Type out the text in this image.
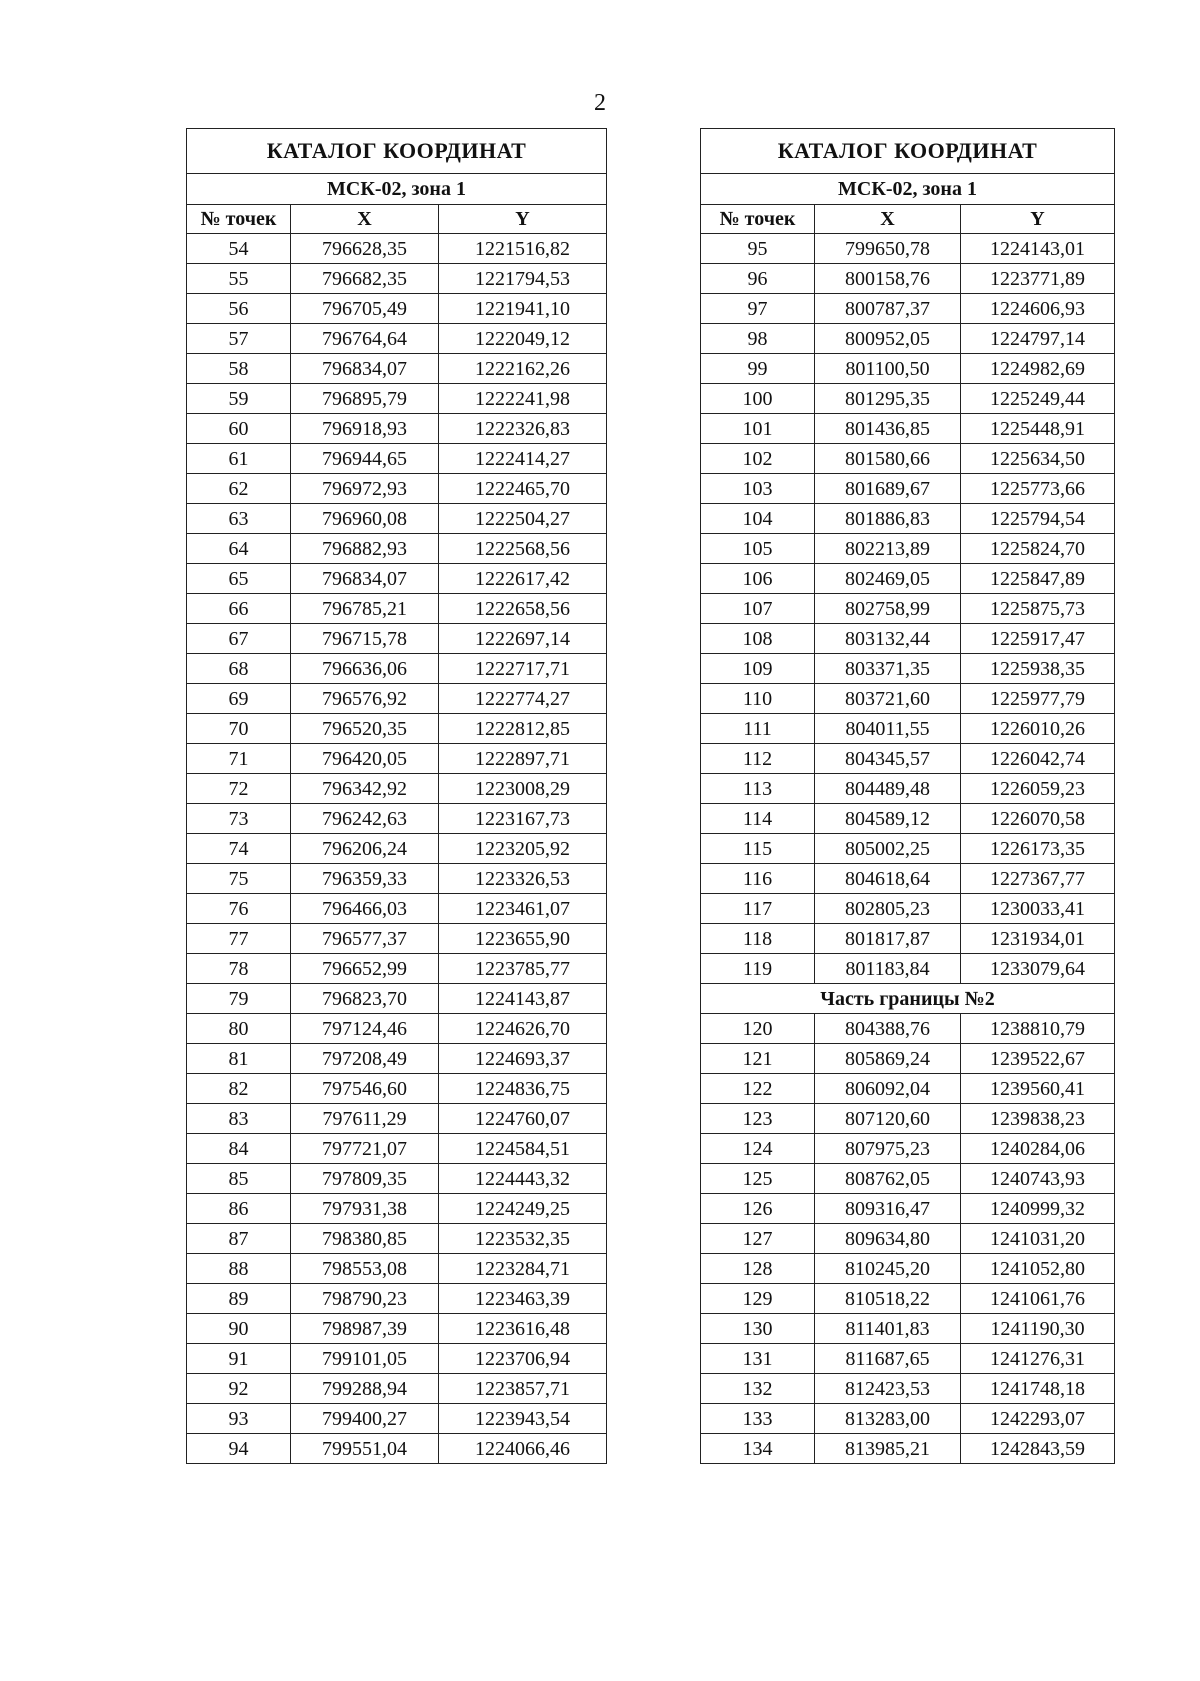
2
КАТАЛОГ КООРДИНАТ		
МСК-02, зона 1		
№ точек	X	Y
54	796628,35	1221516,82
55	796682,35	1221794,53
56	796705,49	1221941,10
57	796764,64	1222049,12
58	796834,07	1222162,26
59	796895,79	1222241,98
60	796918,93	1222326,83
61	796944,65	1222414,27
62	796972,93	1222465,70
63	796960,08	1222504,27
64	796882,93	1222568,56
65	796834,07	1222617,42
66	796785,21	1222658,56
67	796715,78	1222697,14
68	796636,06	1222717,71
69	796576,92	1222774,27
70	796520,35	1222812,85
71	796420,05	1222897,71
72	796342,92	1223008,29
73	796242,63	1223167,73
74	796206,24	1223205,92
75	796359,33	1223326,53
76	796466,03	1223461,07
77	796577,37	1223655,90
78	796652,99	1223785,77
79	796823,70	1224143,87
80	797124,46	1224626,70
81	797208,49	1224693,37
82	797546,60	1224836,75
83	797611,29	1224760,07
84	797721,07	1224584,51
85	797809,35	1224443,32
86	797931,38	1224249,25
87	798380,85	1223532,35
88	798553,08	1223284,71
89	798790,23	1223463,39
90	798987,39	1223616,48
91	799101,05	1223706,94
92	799288,94	1223857,71
93	799400,27	1223943,54
94	799551,04	1224066,46
КАТАЛОГ КООРДИНАТ		
МСК-02, зона 1		
№ точек	X	Y
95	799650,78	1224143,01
96	800158,76	1223771,89
97	800787,37	1224606,93
98	800952,05	1224797,14
99	801100,50	1224982,69
100	801295,35	1225249,44
101	801436,85	1225448,91
102	801580,66	1225634,50
103	801689,67	1225773,66
104	801886,83	1225794,54
105	802213,89	1225824,70
106	802469,05	1225847,89
107	802758,99	1225875,73
108	803132,44	1225917,47
109	803371,35	1225938,35
110	803721,60	1225977,79
111	804011,55	1226010,26
112	804345,57	1226042,74
113	804489,48	1226059,23
114	804589,12	1226070,58
115	805002,25	1226173,35
116	804618,64	1227367,77
117	802805,23	1230033,41
118	801817,87	1231934,01
119	801183,84	1233079,64
Часть границы №2		
120	804388,76	1238810,79
121	805869,24	1239522,67
122	806092,04	1239560,41
123	807120,60	1239838,23
124	807975,23	1240284,06
125	808762,05	1240743,93
126	809316,47	1240999,32
127	809634,80	1241031,20
128	810245,20	1241052,80
129	810518,22	1241061,76
130	811401,83	1241190,30
131	811687,65	1241276,31
132	812423,53	1241748,18
133	813283,00	1242293,07
134	813985,21	1242843,59
